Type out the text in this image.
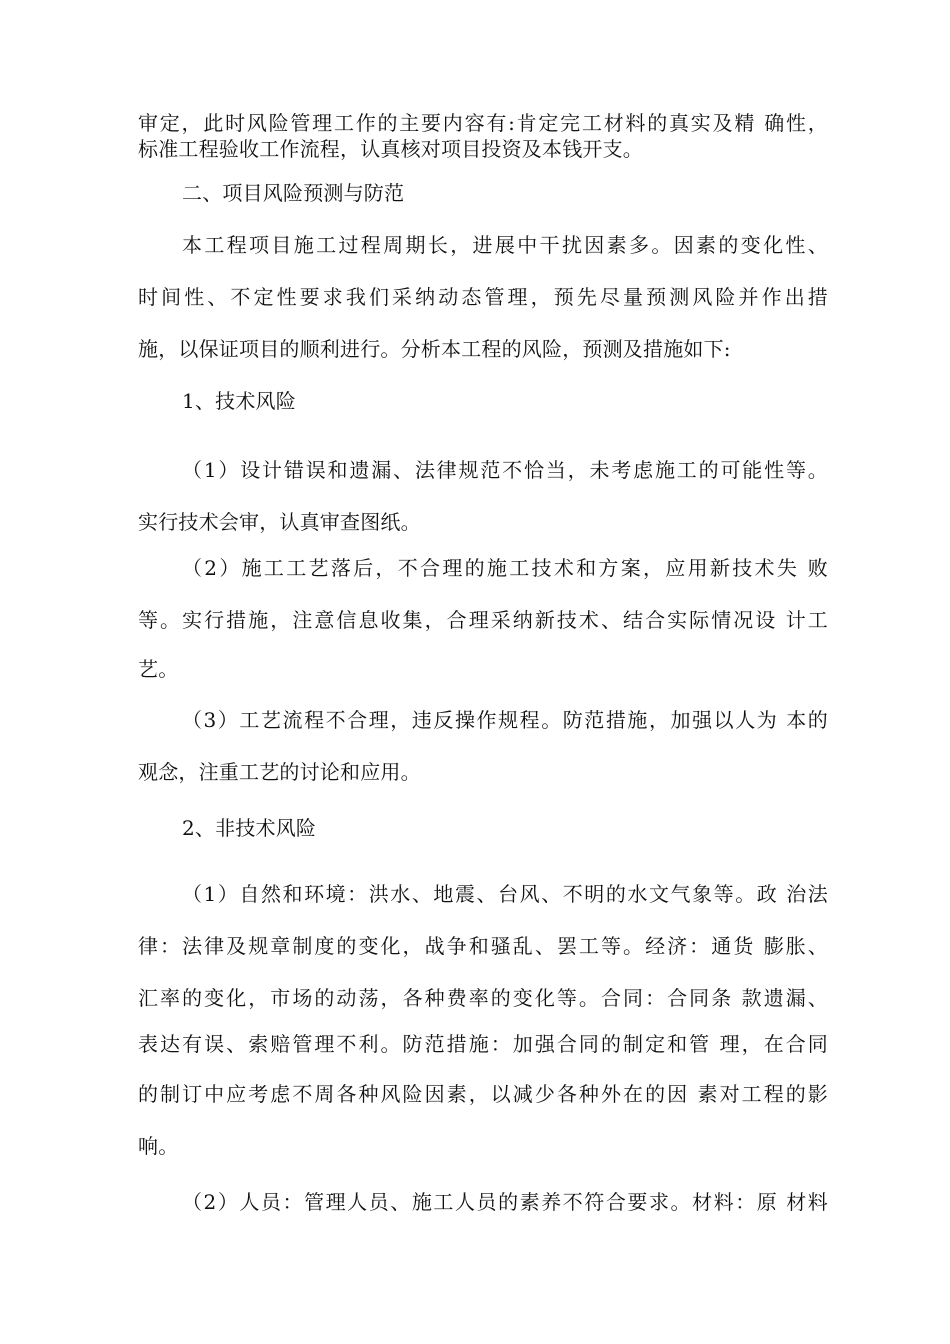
审定，此时风险管理工作的主要内容有:肯定完工材料的真实及精 确性，
标准工程验收工作流程，认真核对项目投资及本钱开支。
二、项目风险预测与防范
本工程项目施工过程周期长，进展中干扰因素多。因素的变化性、
时间性、不定性要求我们采纳动态管理，预先尽量预测风险并作出措
施，以保证项目的顺利进行。分析本工程的风险，预测及措施如下:
1、技术风险
（1）设计错误和遗漏、法律规范不恰当，未考虑施工的可能性等。
实行技术会审，认真审查图纸。
（2）施工工艺落后，不合理的施工技术和方案，应用新技术失 败
等。实行措施，注意信息收集，合理采纳新技术、结合实际情况设 计工
艺。
（3）工艺流程不合理，违反操作规程。防范措施，加强以人为 本的
观念，注重工艺的讨论和应用。
2、非技术风险
（1）自然和环境：洪水、地震、台风、不明的水文气象等。政 治法
律：法律及规章制度的变化，战争和骚乱、罢工等。经济：通货 膨胀、
汇率的变化，市场的动荡，各种费率的变化等。合同：合同条 款遗漏、
表达有误、索赔管理不利。防范措施：加强合同的制定和管 理，在合同
的制订中应考虑不周各种风险因素，以减少各种外在的因 素对工程的影
响。
（2）人员：管理人员、施工人员的素养不符合要求。材料：原 材料
